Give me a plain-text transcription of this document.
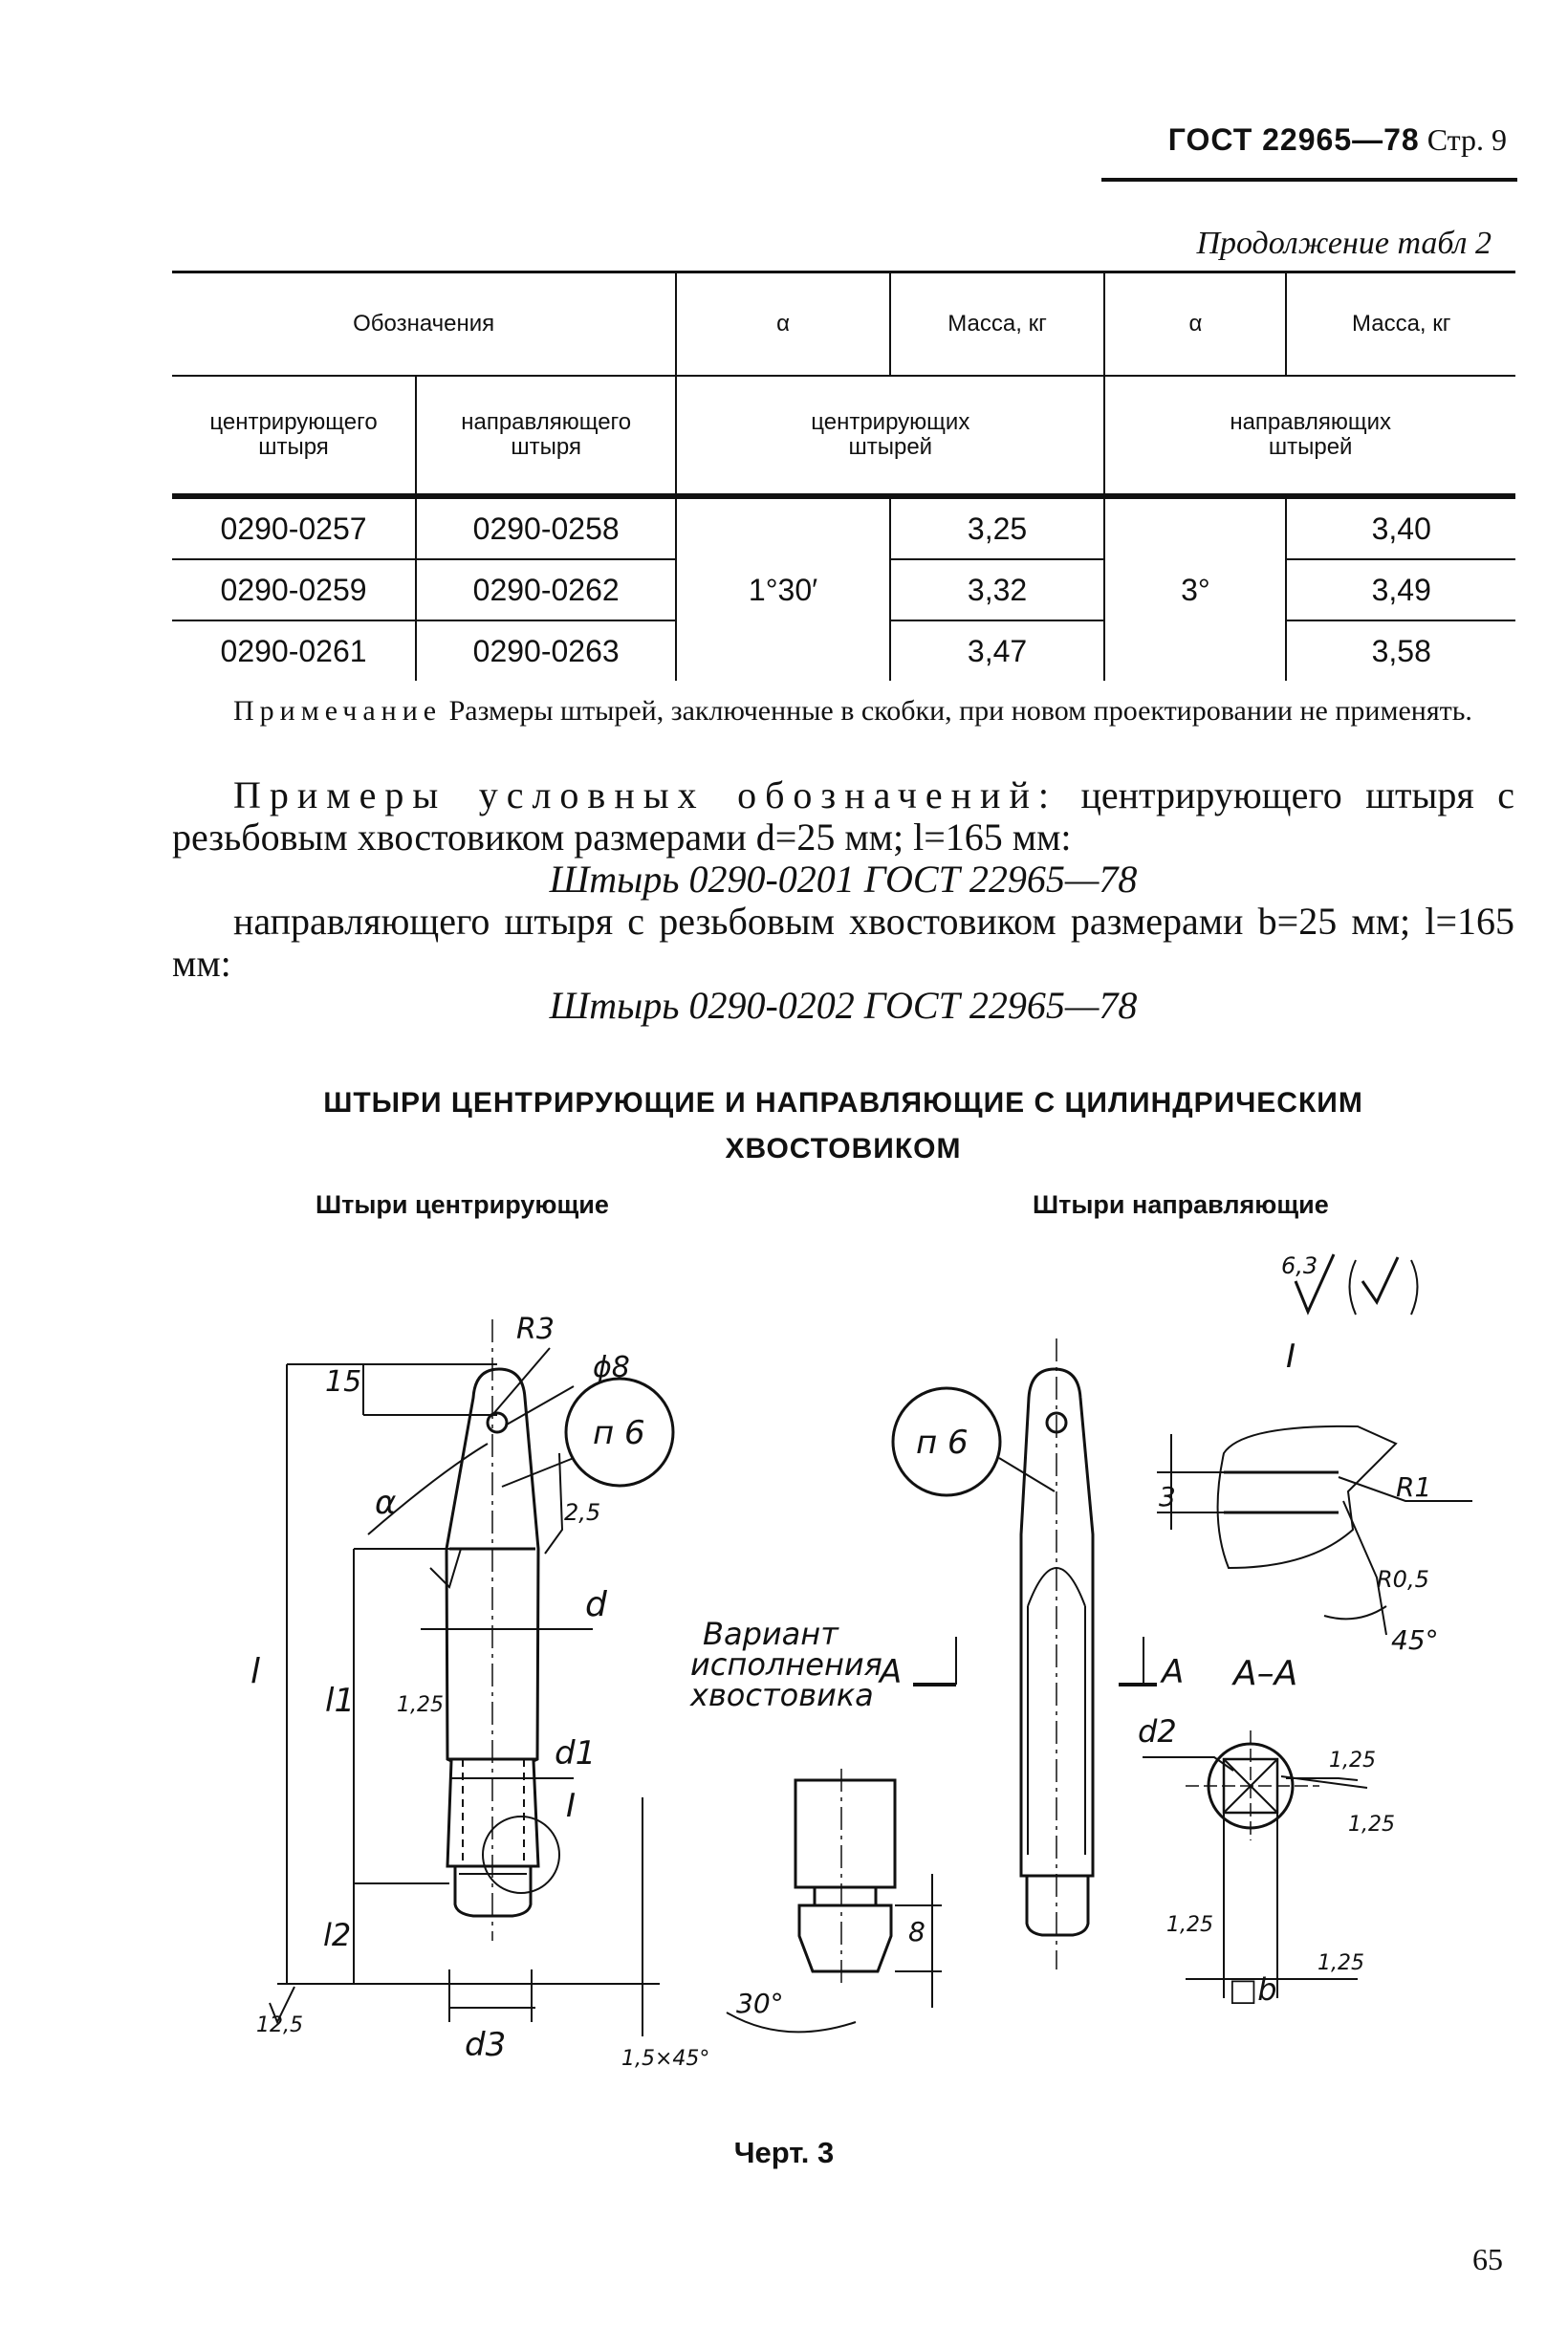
ГОСТ 22965—78 Стр. 9
Продолжение табл 2
Обозначения		α	Масса, кг	α	Масса, кг
центрирующего штыря	направляющего штыря	центрирующих штырей		направляющих штырей	
0290-0257	0290-0258	1°30′	3,25	3°	3,40
0290-0259	0290-0262		3,32		3,49
0290-0261	0290-0263		3,47		3,58
Примечание Размеры штырей, заключенные в скобки, при новом проектировании не применять.
Примеры условных обозначений: центрирующего штыря с резьбовым хвостовиком размерами d=25 мм; l=165 мм:
Штырь 0290-0201 ГОСТ 22965—78
направляющего штыря с резьбовым хвостовиком размерами b=25 мм; l=165 мм:
Штырь 0290-0202 ГОСТ 22965—78
ШТЫРИ ЦЕНТРИРУЮЩИЕ И НАПРАВЛЯЮЩИЕ С ЦИЛИНДРИЧЕСКИМ
ХВОСТОВИКОМ
Штыри центрирующие	Штыри направляющие
R3
ϕ8
п 6
15
α	2,5
d
l
l1 1,25
d1
I
l2
d3
12,5
1,5×45°
Вариант
исполнения
хвостовика
8
30°
А	А А–А
п 6
6,3
I
3	R1
R0,5
45°
d2
1,25
1,25
1,25
1,25
□b
Черт. 3
65
